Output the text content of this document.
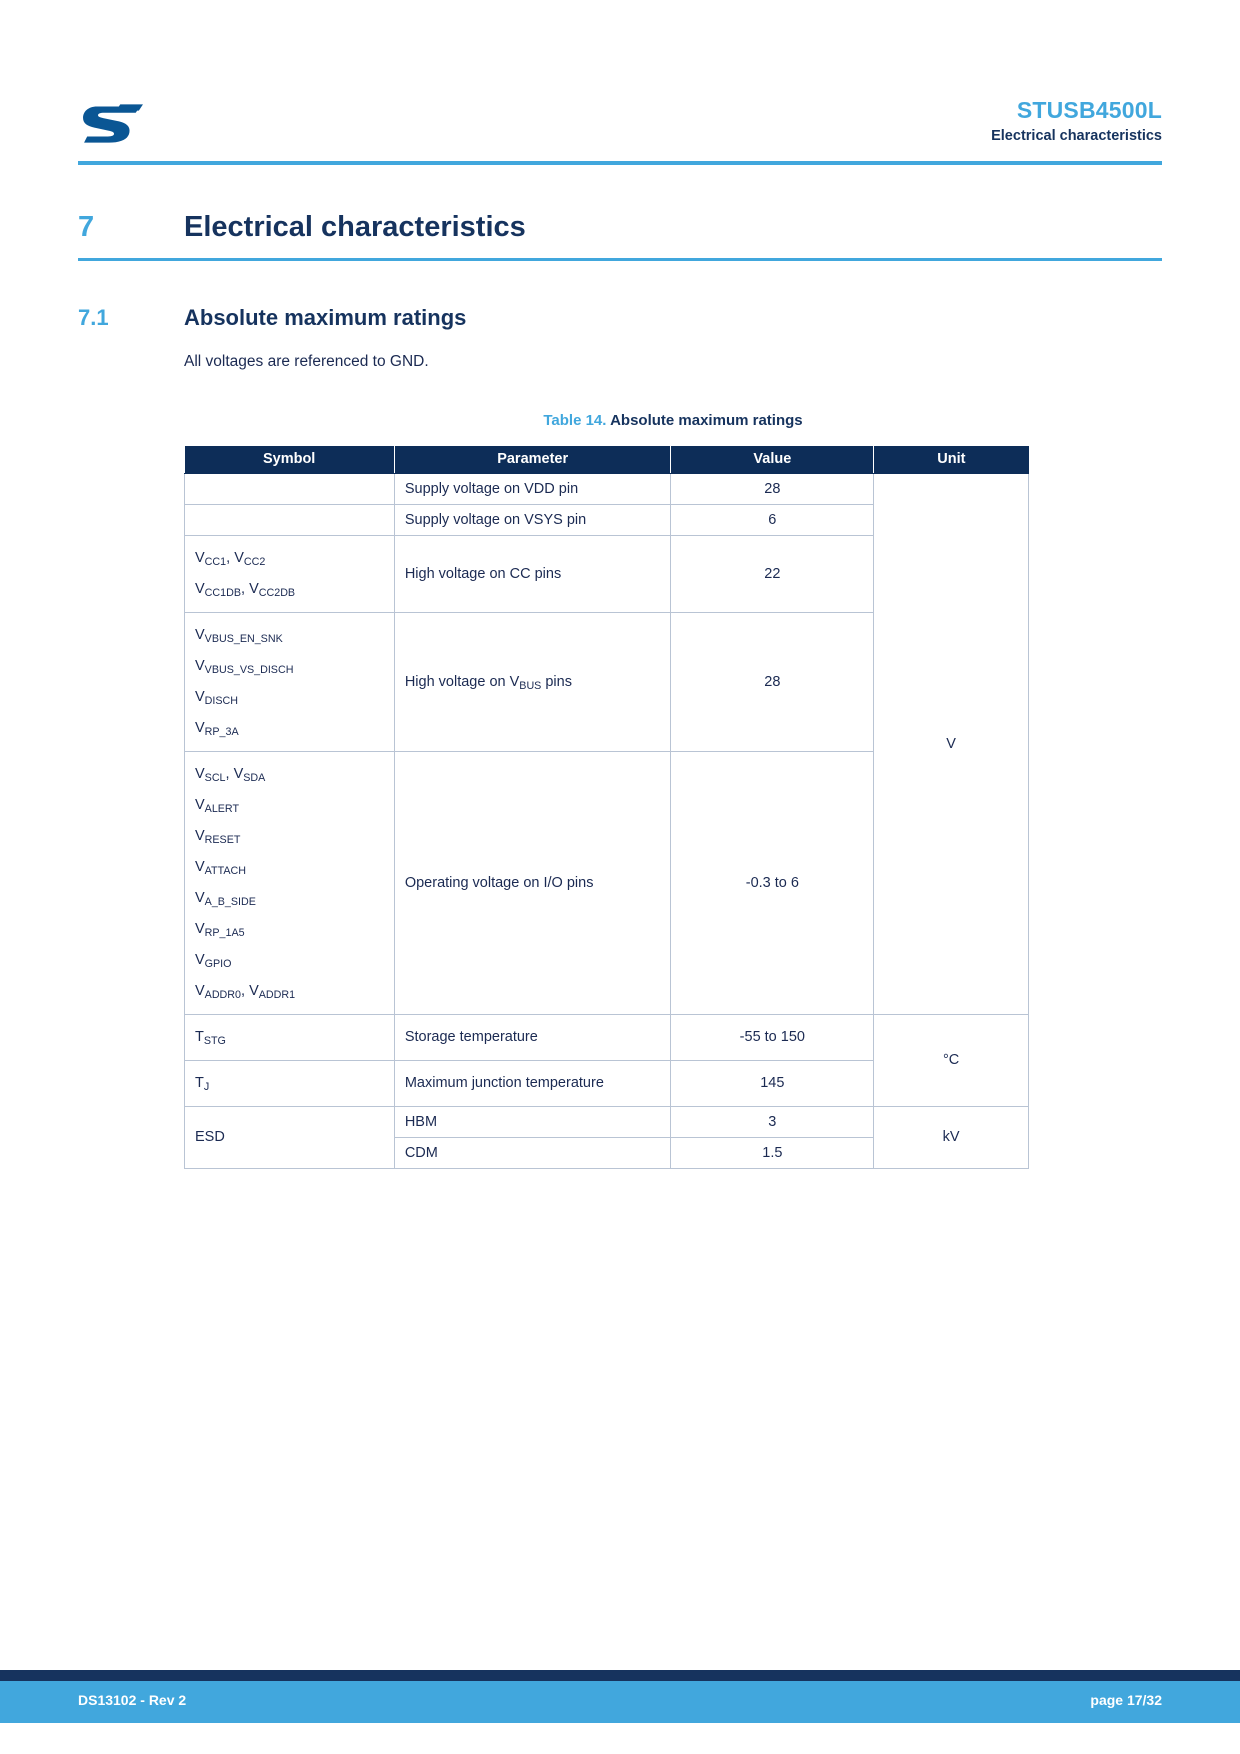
STUSB4500L
Electrical characteristics
7	Electrical characteristics
7.1	Absolute maximum ratings
All voltages are referenced to GND.
Table 14. Absolute maximum ratings
Symbol	Parameter	Value	Unit
	Supply voltage on VDD pin	28	V
	Supply voltage on VSYS pin	6	

$V_{CC1}$, $V_{CC2}$
$V_{CC1DB}$, $V_{CC2DB}$	High voltage on CC pins	22	

$V_{VBUS\_EN\_SNK}$
$V_{VBUS\_VS\_DISCH}$
$V_{DISCH}$
$V_{RP\_3A}$	High voltage on $V_{BUS}$ pins	28	

$V_{SCL}$, $V_{SDA}$
$V_{ALERT}$
$V_{RESET}$
$V_{ATTACH}$
$V_{A\_B\_SIDE}$
$V_{RP\_1A5}$
$V_{GPIO}$
$V_{ADDR0}$, $V_{ADDR1}$
	Operating voltage on I/O pins	-0.3 to 6

$T_{STG}$	Storage temperature	-55 to 150	°C

$T_J$	Maximum junction temperature	145	
ESD	HBM	3	kV
	CDM	1.5	
DS13102 - Rev 2	page 17/32
